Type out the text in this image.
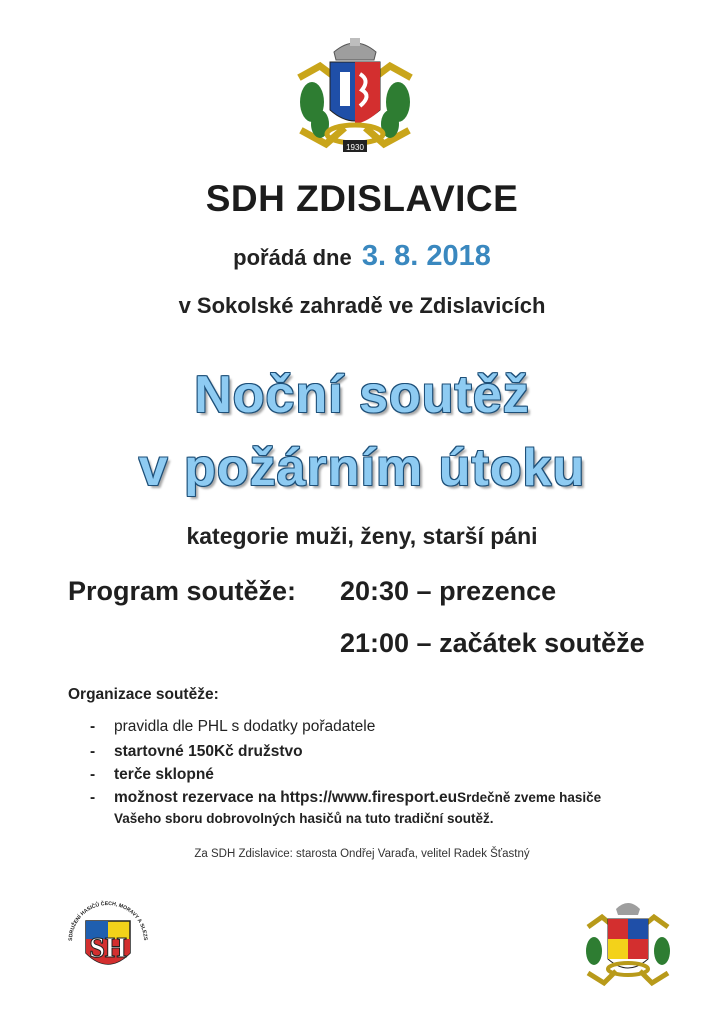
1930
SDH ZDISLAVICE
pořádá dne 3. 8. 2018
v Sokolské zahradě ve Zdislavicích
Noční soutěž
v požárním útoku
kategorie muži, ženy, starší páni
Program soutěže: 20:30 – prezence
21:00 – začátek soutěže
Organizace soutěže:
- pravidla dle PHL s dodatky pořadatele
- startovné 150Kč družstvo
- terče sklopné
- možnost rezervace na https://www.firesport.euSrdečně zveme hasiče
Vašeho sboru dobrovolných hasičů na tuto tradiční soutěž.
Za SDH Zdislavice: starosta Ondřej Varaďa, velitel Radek Šťastný
SDRUŽENÍ HASIČŮ ČECH, MORAVY A SLEZS
SH
